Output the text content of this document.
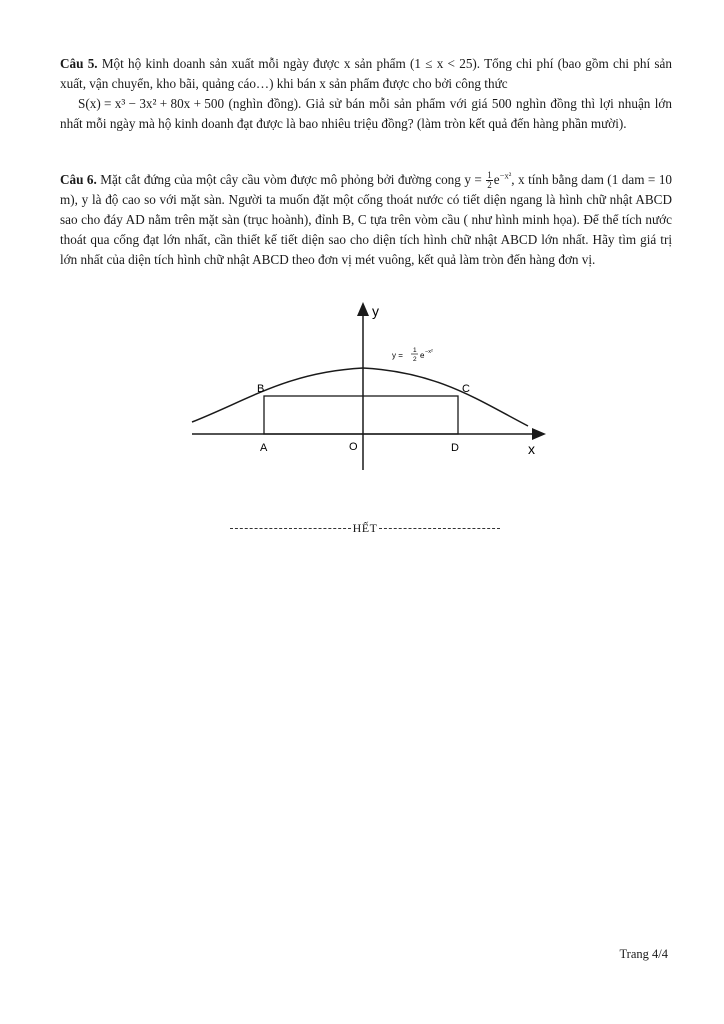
Câu 5. Một hộ kinh doanh sản xuất mỗi ngày được x sản phẩm (1 ≤ x < 25). Tổng chi phí (bao gồm chi phí sản xuất, vận chuyển, kho bãi, quảng cáo…) khi bán x sản phẩm được cho bởi công thức
S(x) = x³ − 3x² + 80x + 500 (nghìn đồng). Giả sử bán mỗi sản phẩm với giá 500 nghìn đồng thì lợi nhuận lớn nhất mỗi ngày mà hộ kinh doanh đạt được là bao nhiêu triệu đồng? (làm tròn kết quả đến hàng phần mười).
Câu 6. Mặt cắt đứng của một cây cầu vòm được mô phỏng bởi đường cong $y = \frac{1}{2} e^{-x^2}$, x tính bằng dam (1 dam = 10 m), y là độ cao so với mặt sàn. Người ta muốn đặt một cống thoát nước có tiết diện ngang là hình chữ nhật ABCD sao cho đáy AD nằm trên mặt sàn (trục hoành), đỉnh B, C tựa trên vòm cầu ( như hình minh họa). Để thể tích nước thoát qua cống đạt lớn nhất, cần thiết kế tiết diện sao cho diện tích hình chữ nhật ABCD lớn nhất. Hãy tìm giá trị lớn nhất của diện tích hình chữ nhật ABCD theo đơn vị mét vuông, kết quả làm tròn đến hàng đơn vị.
y
x
O
A
B	C
D
y =
1
2 e −x²
HẾT
Trang 4/4
